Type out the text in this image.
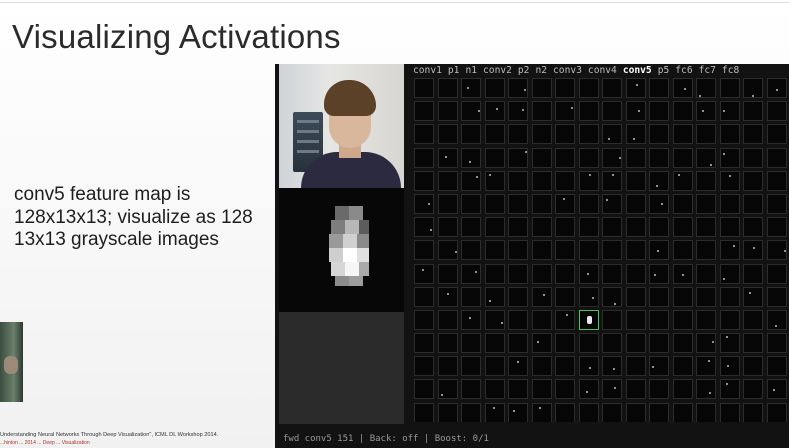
Visualizing Activations
conv5 feature map is 128x13x13; visualize as 128 13x13 grayscale images
Understanding Neural Networks Through Deep Visualization", ICML DL Workshop 2014.
...hinton ... 2014 ... Deep ... Visualization
conv1 p1 n1 conv2 p2 n2 conv3 conv4 conv5 p5 fc6 fc7 fc8
fwd conv5 151 | Back: off | Boost: 0/1
